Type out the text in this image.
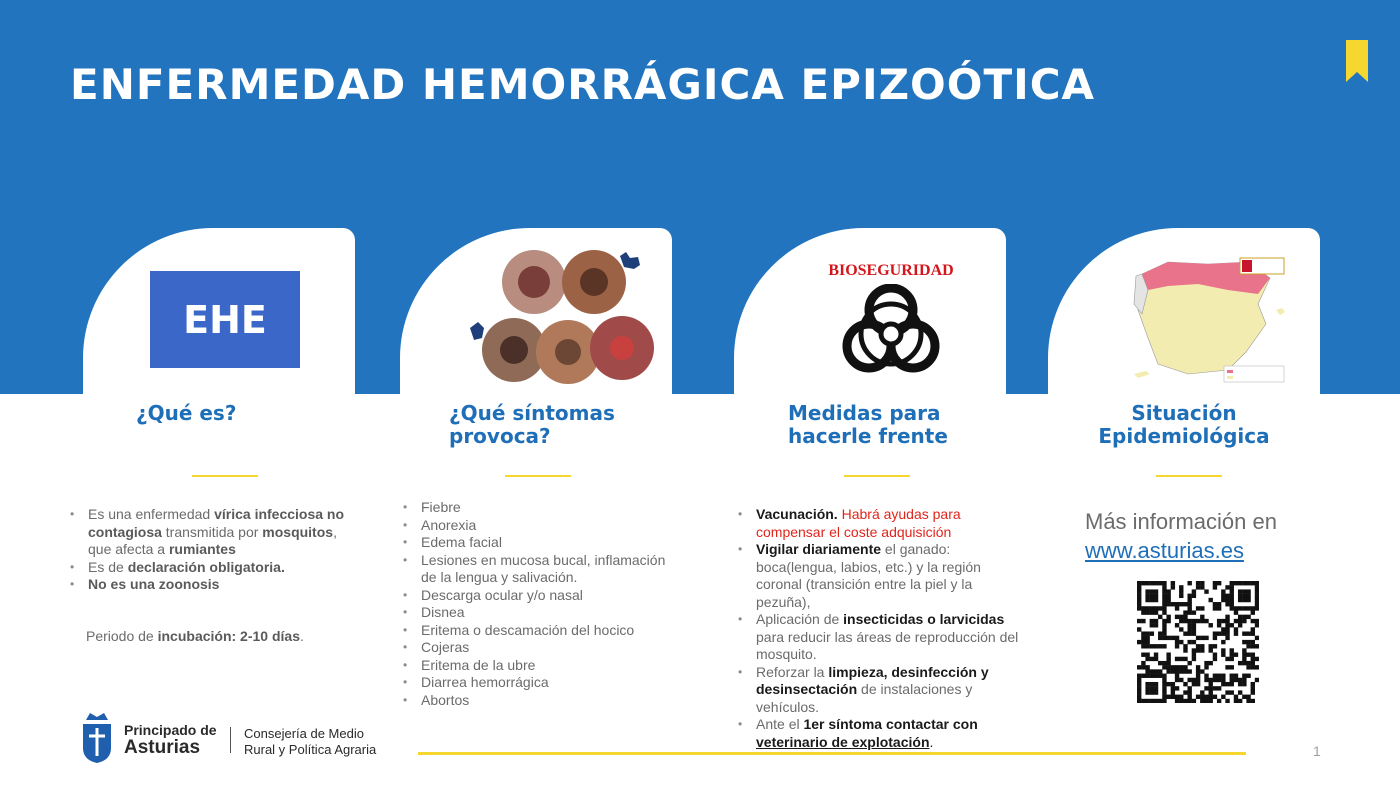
ENFERMEDAD HEMORRÁGICA EPIZOÓTICA
EHE
¿Qué es?
• Es una enfermedad vírica infecciosa no contagiosa transmitida por mosquitos, que afecta a rumiantes
• Es de declaración obligatoria.
• No es una zoonosis
Periodo de incubación: 2-10 días.
¿Qué síntomas
provoca?
• Fiebre
• Anorexia
• Edema facial
• Lesiones en mucosa bucal, inflamación de la lengua y salivación.
• Descarga ocular y/o nasal
• Disnea
• Eritema o descamación del hocico
• Cojeras
• Eritema de la ubre
• Diarrea hemorrágica
• Abortos
BIOSEGURIDAD
Medidas para
hacerle frente
• Vacunación. Habrá ayudas para compensar el coste adquisición
• Vigilar diariamente el ganado: boca(lengua, labios, etc.) y la región coronal (transición entre la piel y la pezuña),
• Aplicación de insecticidas o larvicidas para reducir las áreas de reproducción del mosquito.
• Reforzar la limpieza, desinfección y desinsectación de instalaciones y vehículos.
• Ante el 1er síntoma contactar con veterinario de explotación.
Situación
Epidemiológica
Más información en
www.asturias.es
Principado de
Asturias
Consejería de Medio
Rural y Política Agraria	1
